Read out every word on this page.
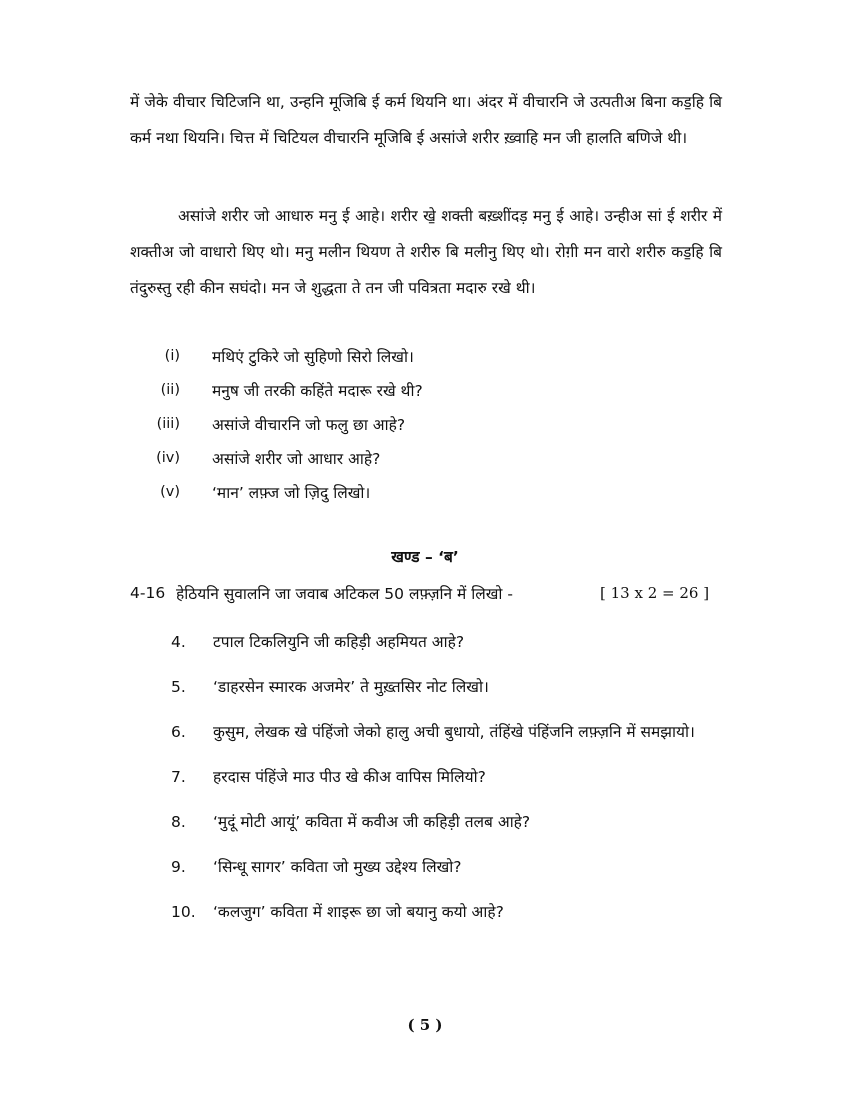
में जेके वीचार चिटिजनि था, उन्हनि मूजिबि ई कर्म थियनि था। अंदर में वीचारनि जे उत्पतीअ बिना कड॒हि बि कर्म नथा थियनि। चित्त में चिटियल वीचारनि मूजिबि ई असांजे शरीर ख़्वाहि मन जी हालति बणिजे थी।

असांजे शरीर जो आधारु मनु ई आहे। शरीर खे॒ शक्ती बख़्शींदड़ मनु ई आहे। उन्हीअ सां ई शरीर में शक्तीअ जो वाधारो थिए थो। मनु मलीन थियण ते शरीरु बि मलीनु थिए थो। रोग़ी मन वारो शरीरु कड॒हि बि तंदुरुस्तु रही कीन सघंदो। मन जे शुद्धता ते तन जी पवित्रता मदारु रखे थी।

(i)	मथिएं टुकिरे जो सुहिणो सिरो लिखो।
(ii)	मनुष जी तरकी कहिंते मदारू रखे थी?
(iii)	असांजे वीचारनि जो फलु छा आहे?
(iv)	असांजे शरीर जो आधार आहे?
(v)	‘मान’ लफ़्ज जो ज़िदु लिखो।
खण्ड – ‘ब’
4-16 हेठियनि सुवालनि जा जवाब अटिकल 50 लफ़्ज़नि में लिखो -	[ 13 x 2 = 26 ]
4.	टपाल टिकलियुनि जी कहिड़ी अहमियत आहे?
5.	‘डाहरसेन स्मारक अजमेर’ ते मुख़्तसिर नोट लिखो।
6.	कुसुम, लेखक खे पंहिंजो जेको हालु अची बुधायो, तंहिंखे पंहिंजनि लफ़्ज़नि में समझायो।
7.	हरदास पंहिंजे माउ पीउ खे कीअ वापिस मिलियो?
8.	‘मुदूं मोटी आयूं’ कविता में कवीअ जी कहिड़ी तलब आहे?
9.	‘सिन्धू सागर’ कविता जो मुख्य उद्देश्य लिखो?
10.	‘कलजुग’ कविता में शाइरू छा जो बयानु कयो आहे?
( 5 )
